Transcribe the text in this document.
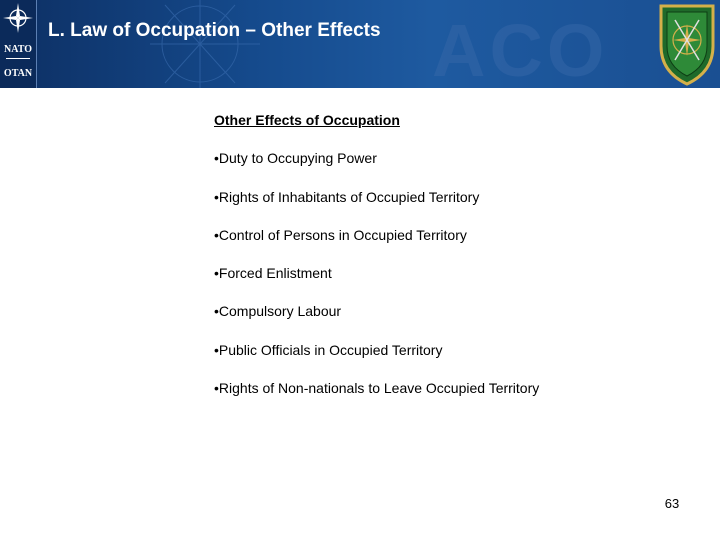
NATO
OTAN	ACO
L. Law of Occupation – Other Effects

Other Effects of Occupation

•Duty to Occupying Power
•Rights of Inhabitants of Occupied Territory
•Control of Persons in Occupied Territory
•Forced Enlistment
•Compulsory Labour
•Public Officials in Occupied Territory
•Rights of Non-nationals to Leave Occupied Territory
63
